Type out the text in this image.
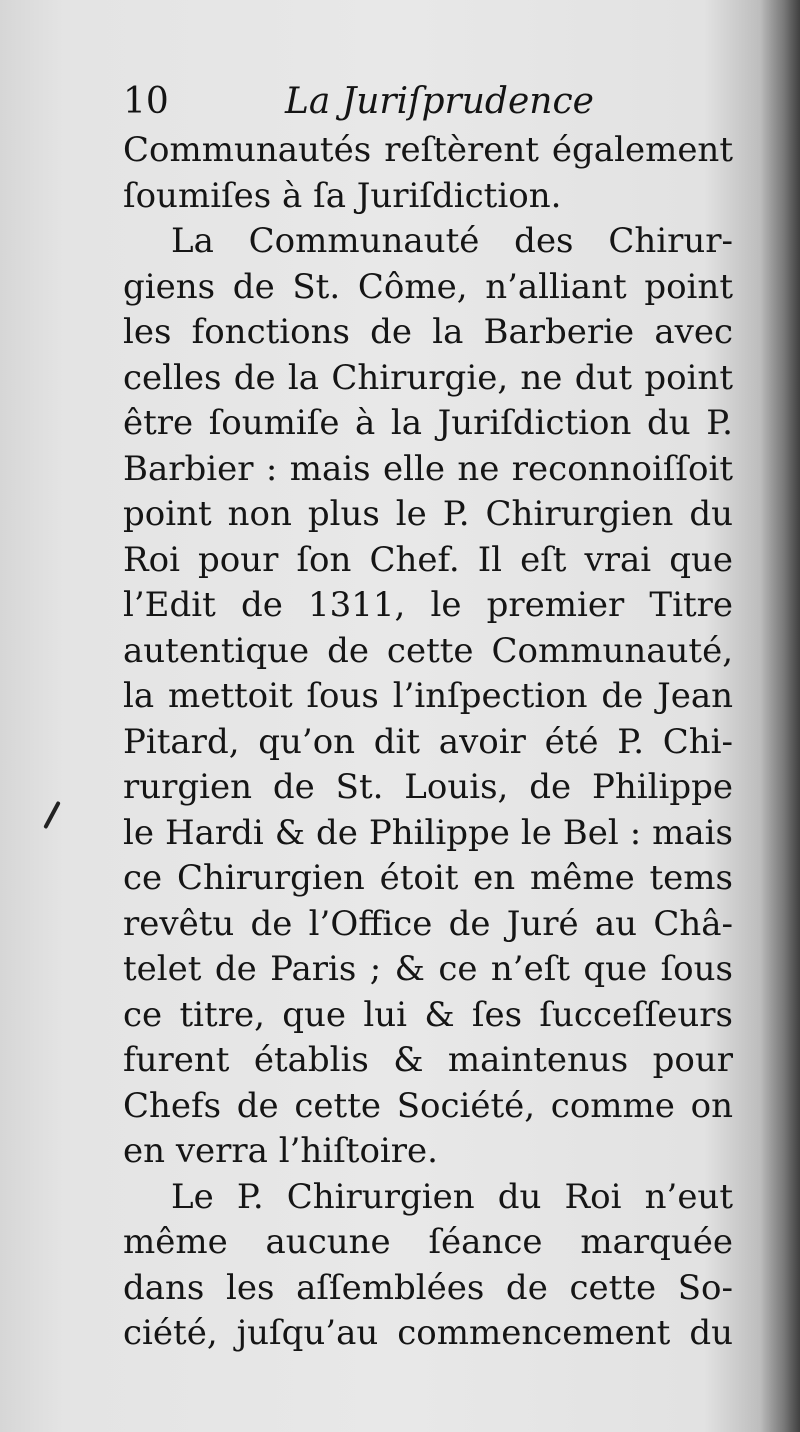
10	La Juriſprudence
Communautés reſtèrent également
ſoumiſes à ſa Juriſdiction.
La Communauté des Chirur-
giens de St. Côme, n’alliant point
les fonctions de la Barberie avec
celles de la Chirurgie, ne dut point
être ſoumiſe à la Juriſdiction du P.
Barbier : mais elle ne reconnoiſſoit
point non plus le P. Chirurgien du
Roi pour ſon Chef. Il eſt vrai que
l’Edit de 1311, le premier Titre
autentique de cette Communauté,
la mettoit ſous l’inſpection de Jean
Pitard, qu’on dit avoir été P. Chi-
rurgien de St. Louis, de Philippe
le Hardi & de Philippe le Bel : mais
ce Chirurgien étoit en même tems
revêtu de l’Office de Juré au Châ-
telet de Paris ; & ce n’eſt que ſous
ce titre, que lui & ſes ſucceſſeurs
furent établis & maintenus pour
Chefs de cette Société, comme on
en verra l’hiſtoire.
Le P. Chirurgien du Roi n’eut
même aucune ſéance marquée
dans les aſſemblées de cette So-
ciété, juſqu’au commencement du
